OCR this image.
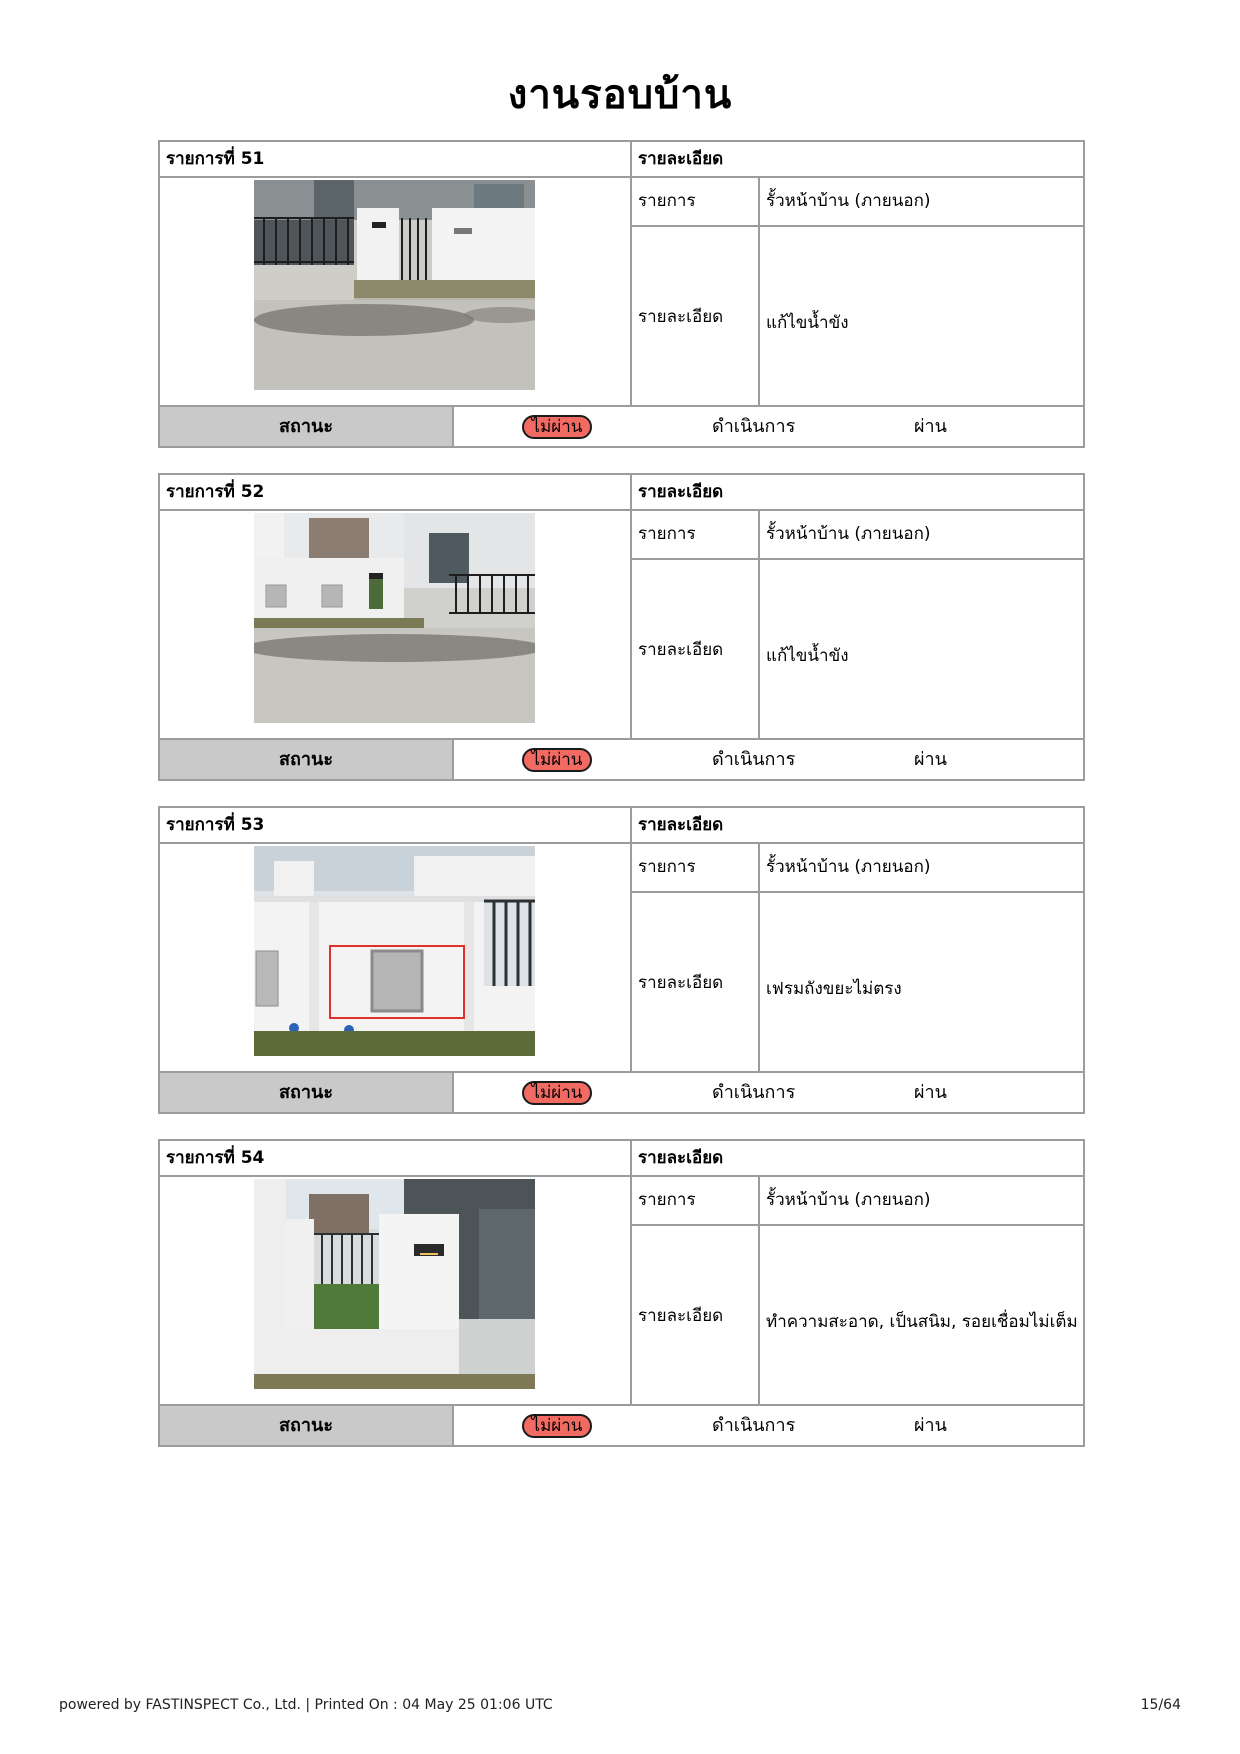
งานรอบบ้าน
รายการที่ 51	รายละเอียด
รายการ	รั้วหน้าบ้าน (ภายนอก)
รายละเอียด	แก้ไขน้ำขัง
สถานะ	ไม่ผ่าน	ดำเนินการ	ผ่าน
รายการที่ 52	รายละเอียด
รายการ	รั้วหน้าบ้าน (ภายนอก)
รายละเอียด	แก้ไขน้ำขัง
สถานะ	ไม่ผ่าน	ดำเนินการ	ผ่าน
รายการที่ 53	รายละเอียด
รายการ	รั้วหน้าบ้าน (ภายนอก)
รายละเอียด	เฟรมถังขยะไม่ตรง
สถานะ	ไม่ผ่าน	ดำเนินการ	ผ่าน
รายการที่ 54	รายละเอียด
รายการ	รั้วหน้าบ้าน (ภายนอก)
รายละเอียด	ทำความสะอาด, เป็นสนิม, รอยเชื่อมไม่เต็ม
สถานะ	ไม่ผ่าน	ดำเนินการ	ผ่าน
powered by FASTINSPECT Co., Ltd. | Printed On : 04 May 25 01:06 UTC	15/64
